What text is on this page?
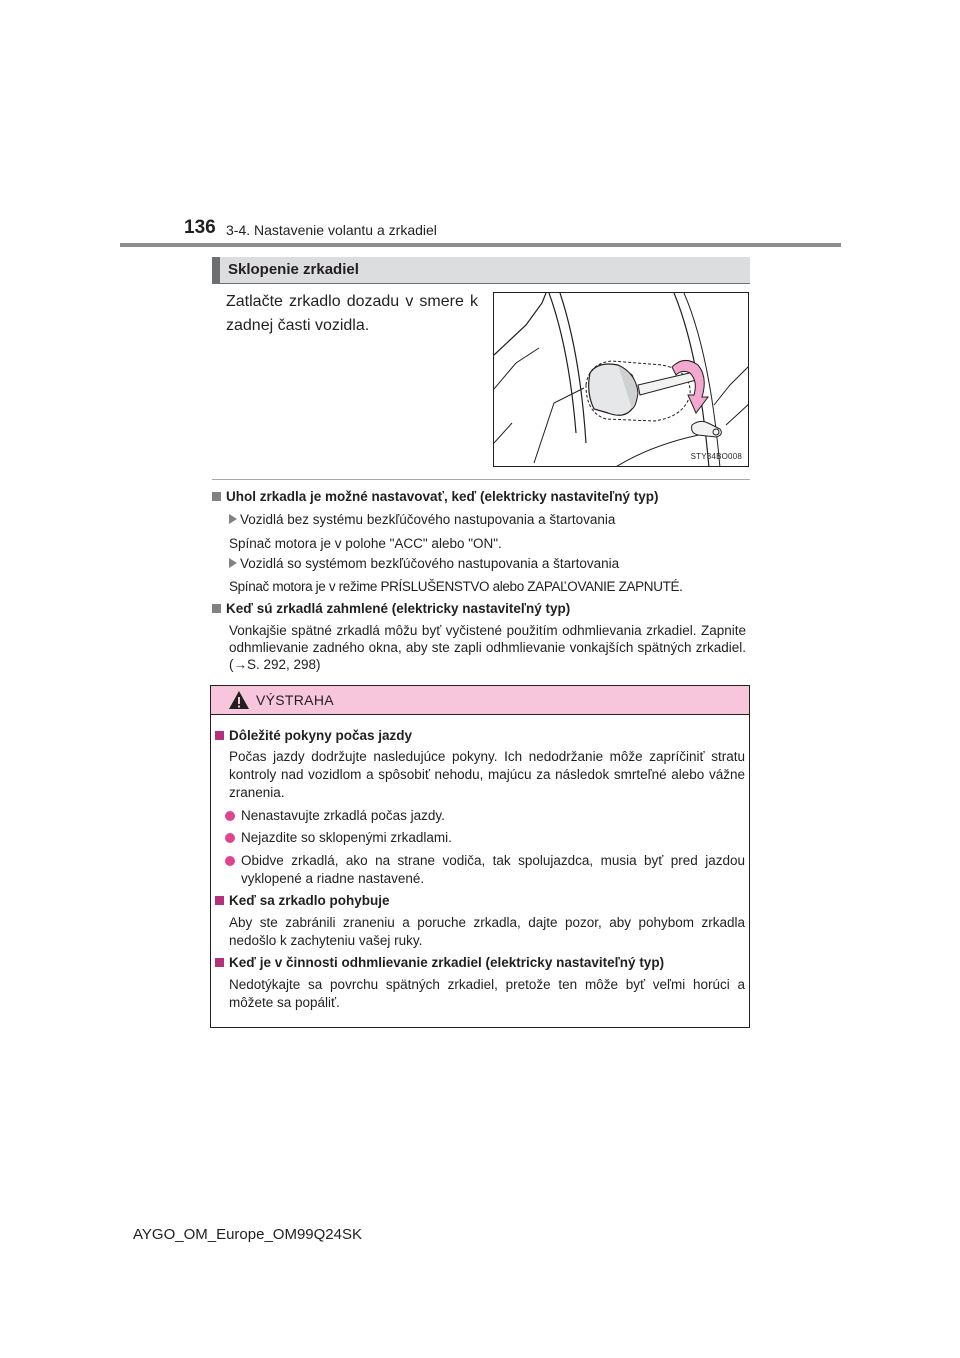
136 3-4. Nastavenie volantu a zrkadiel
Sklopenie zrkadiel
Zatlačte zrkadlo dozadu v smere k zadnej časti vozidla.
STY34BO008
Uhol zrkadla je možné nastavovať, keď (elektricky nastaviteľný typ)
Vozidlá bez systému bezkľúčového nastupovania a štartovania
Spínač motora je v polohe "ACC" alebo "ON".
Vozidlá so systémom bezkľúčového nastupovania a štartovania
Spínač motora je v režime PRÍSLUŠENSTVO alebo ZAPAĽOVANIE ZAPNUTÉ.
Keď sú zrkadlá zahmlené (elektricky nastaviteľný typ)
Vonkajšie spätné zrkadlá môžu byť vyčistené použitím odhmlievania zrkadiel. Zapnite odhmlievanie zadného okna, aby ste zapli odhmlievanie vonkajších spätných zrkadiel. (→S. 292, 298)
VÝSTRAHA
Dôležité pokyny počas jazdy
Počas jazdy dodržujte nasledujúce pokyny. Ich nedodržanie môže zapríčiniť stratu kontroly nad vozidlom a spôsobiť nehodu, majúcu za následok smrteľné alebo vážne zranenia.
Nenastavujte zrkadlá počas jazdy.
Nejazdite so sklopenými zrkadlami.
Obidve zrkadlá, ako na strane vodiča, tak spolujazdca, musia byť pred jazdou vyklopené a riadne nastavené.
Keď sa zrkadlo pohybuje
Aby ste zabránili zraneniu a poruche zrkadla, dajte pozor, aby pohybom zrkadla nedošlo k zachyteniu vašej ruky.
Keď je v činnosti odhmlievanie zrkadiel (elektricky nastaviteľný typ)
Nedotýkajte sa povrchu spätných zrkadiel, pretože ten môže byť veľmi horúci a môžete sa popáliť.
AYGO_OM_Europe_OM99Q24SK
